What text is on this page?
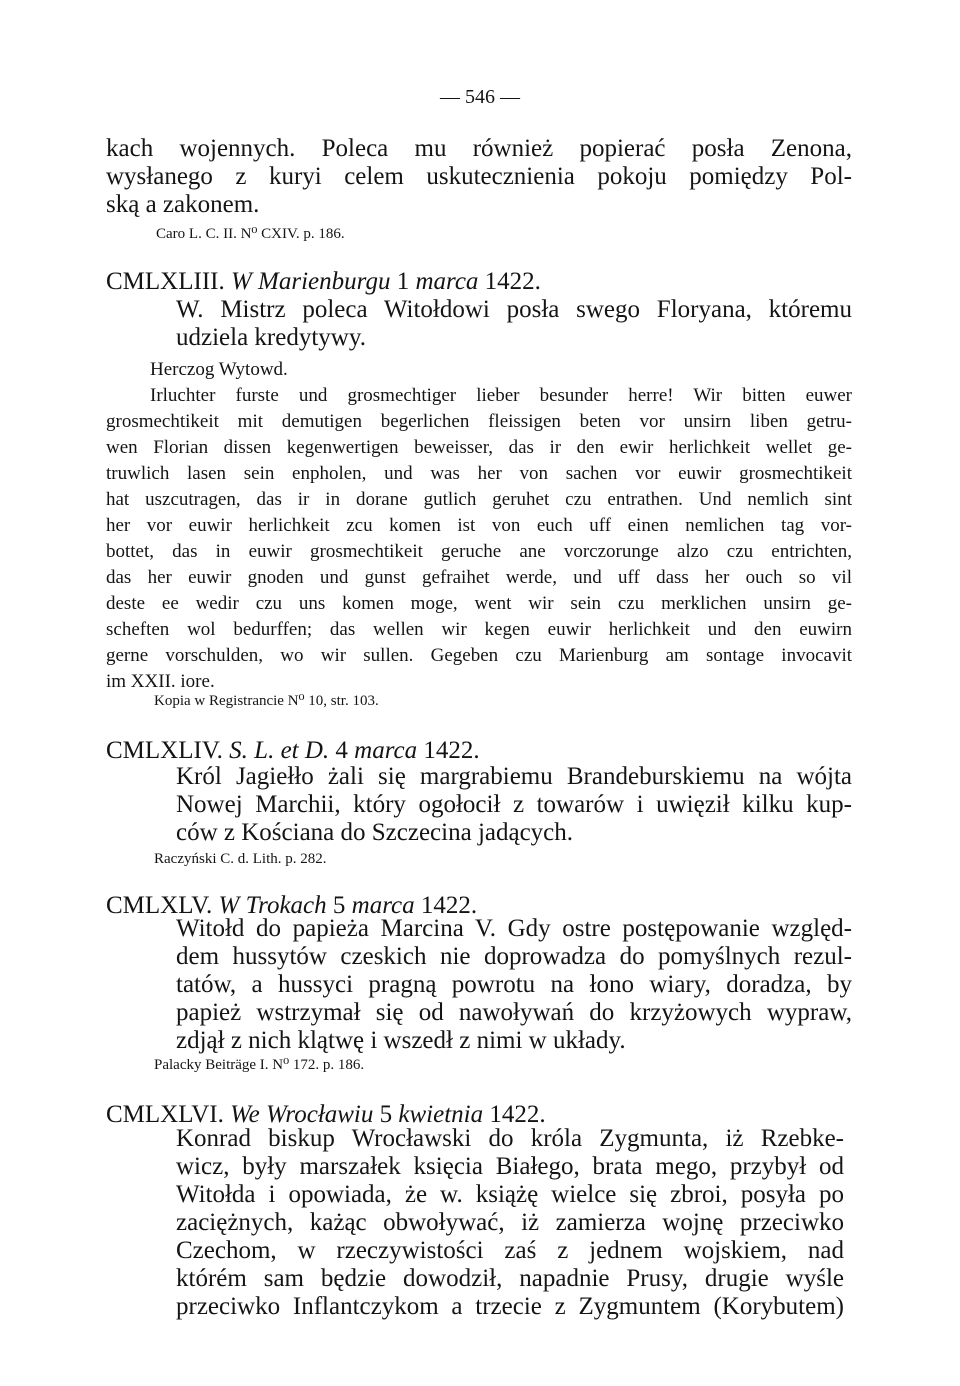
— 546 —
kach wojennych. Poleca mu również popierać posła Zenona,
wysłanego z kuryi celem uskutecznienia pokoju pomiędzy Pol-
ską a zakonem.
Caro L. C. II. N⁰ CXIV. p. 186.
CMLXLIII. W Marienburgu 1 marca 1422.
W. Mistrz poleca Witołdowi posła swego Floryana, któremu
udziela kredytywy.
Herczog Wytowd.
Irluchter furste und grosmechtiger lieber besunder herre! Wir bitten euwer
grosmechtikeit mit demutigen begerlichen fleissigen beten vor unsirn liben getru-
wen Florian dissen kegenwertigen beweisser, das ir den ewir herlichkeit wellet ge-
truwlich lasen sein enpholen, und was her von sachen vor euwir grosmechtikeit
hat uszcutragen, das ir in dorane gutlich geruhet czu entrathen. Und nemlich sint
her vor euwir herlichkeit zcu komen ist von euch uff einen nemlichen tag vor-
bottet, das in euwir grosmechtikeit geruche ane vorczorunge alzo czu entrichten,
das her euwir gnoden und gunst gefraihet werde, und uff dass her ouch so vil
deste ee wedir czu uns komen moge, went wir sein czu merklichen unsirn ge-
scheften wol bedurffen; das wellen wir kegen euwir herlichkeit und den euwirn
gerne vorschulden, wo wir sullen. Gegeben czu Marienburg am sontage invocavit
im XXII. iore.
Kopia w Registrancie N⁰ 10, str. 103.
CMLXLIV. S. L. et D. 4 marca 1422.
Król Jagiełło żali się margrabiemu Brandeburskiemu na wójta
Nowej Marchii, który ogołocił z towarów i uwięził kilku kup-
ców z Kościana do Szczecina jadących.
Raczyński C. d. Lith. p. 282.
CMLXLV. W Trokach 5 marca 1422.
Witołd do papieża Marcina V. Gdy ostre postępowanie względ-
dem hussytów czeskich nie doprowadza do pomyślnych rezul-
tatów, a hussyci pragną powrotu na łono wiary, doradza, by
papież wstrzymał się od nawoływań do krzyżowych wypraw,
zdjął z nich klątwę i wszedł z nimi w układy.
Palacky Beiträge I. N⁰ 172. p. 186.
CMLXLVI. We Wrocławiu 5 kwietnia 1422.
Konrad biskup Wrocławski do króla Zygmunta, iż Rzebke-
wicz, były marszałek księcia Białego, brata mego, przybył od
Witołda i opowiada, że w. książę wielce się zbroi, posyła po
zaciężnych, każąc obwoływać, iż zamierza wojnę przeciwko
Czechom, w rzeczywistości zaś z jednem wojskiem, nad
którém sam będzie dowodził, napadnie Prusy, drugie wyśle
przeciwko Inflantczykom a trzecie z Zygmuntem (Korybutem)
